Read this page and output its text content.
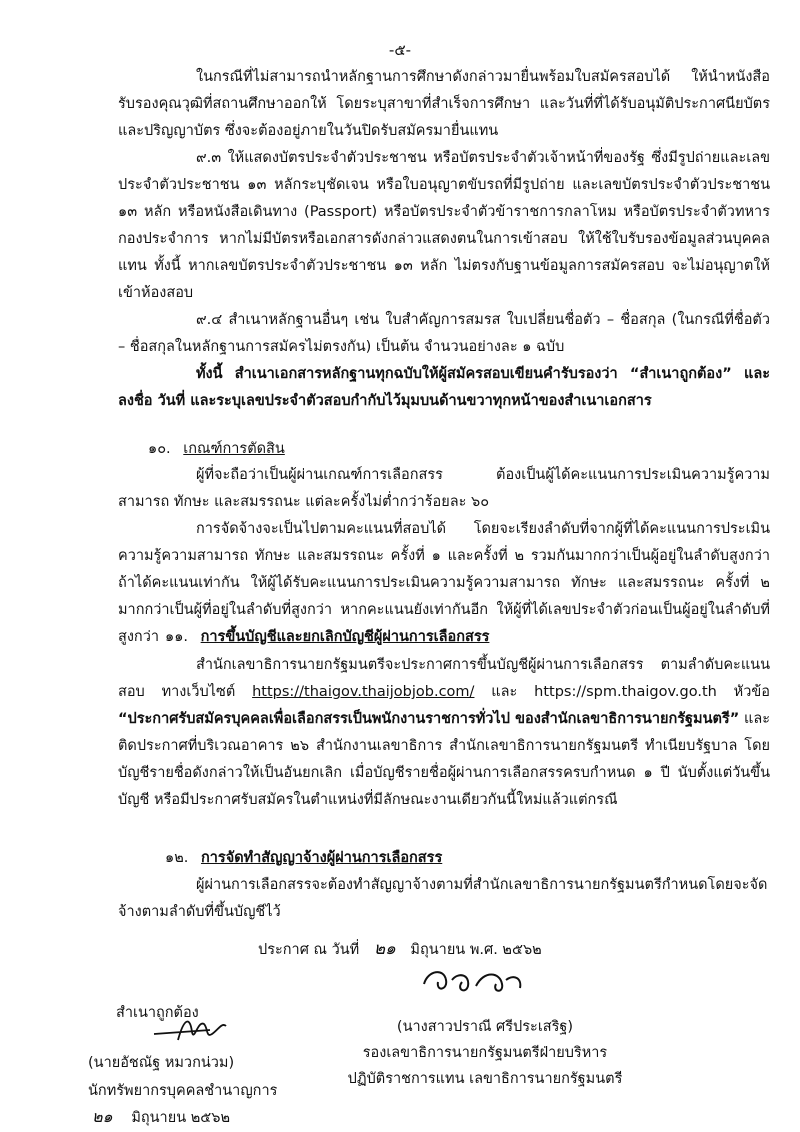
-๕-

ในกรณีที่ไม่สามารถนำหลักฐานการศึกษาดังกล่าวมายื่นพร้อมใบสมัครสอบได้ ให้นำหนังสือรับรองคุณวุฒิที่สถานศึกษาออกให้ โดยระบุสาขาที่สำเร็จการศึกษา และวันที่ที่ได้รับอนุมัติประกาศนียบัตรและปริญญาบัตร ซึ่งจะต้องอยู่ภายในวันปิดรับสมัครมายื่นแทน

๙.๓ ให้แสดงบัตรประจำตัวประชาชน หรือบัตรประจำตัวเจ้าหน้าที่ของรัฐ ซึ่งมีรูปถ่ายและเลขประจำตัวประชาชน ๑๓ หลักระบุชัดเจน หรือใบอนุญาตขับรถที่มีรูปถ่าย และเลขบัตรประจำตัวประชาชน ๑๓ หลัก หรือหนังสือเดินทาง (Passport) หรือบัตรประจำตัวข้าราชการกลาโหม หรือบัตรประจำตัวทหารกองประจำการ หากไม่มีบัตรหรือเอกสารดังกล่าวแสดงตนในการเข้าสอบ ให้ใช้ใบรับรองข้อมูลส่วนบุคคลแทน ทั้งนี้ หากเลขบัตรประจำตัวประชาชน ๑๓ หลัก ไม่ตรงกับฐานข้อมูลการสมัครสอบ จะไม่อนุญาตให้เข้าห้องสอบ

๙.๔ สำเนาหลักฐานอื่นๆ เช่น ใบสำคัญการสมรส ใบเปลี่ยนชื่อตัว – ชื่อสกุล (ในกรณีที่ชื่อตัว – ชื่อสกุลในหลักฐานการสมัครไม่ตรงกัน) เป็นต้น จำนวนอย่างละ ๑ ฉบับ

ทั้งนี้ สำเนาเอกสารหลักฐานทุกฉบับให้ผู้สมัครสอบเขียนคำรับรองว่า “สำเนาถูกต้อง” และลงชื่อ วันที่ และระบุเลขประจำตัวสอบกำกับไว้มุมบนด้านขวาทุกหน้าของสำเนาเอกสาร

๑๐. เกณฑ์การตัดสิน

ผู้ที่จะถือว่าเป็นผู้ผ่านเกณฑ์การเลือกสรร ต้องเป็นผู้ได้คะแนนการประเมินความรู้ความสามารถ ทักษะ และสมรรถนะ แต่ละครั้งไม่ต่ำกว่าร้อยละ ๖๐

การจัดจ้างจะเป็นไปตามคะแนนที่สอบได้ โดยจะเรียงลำดับที่จากผู้ที่ได้คะแนนการประเมินความรู้ความสามารถ ทักษะ และสมรรถนะ ครั้งที่ ๑ และครั้งที่ ๒ รวมกันมากกว่าเป็นผู้อยู่ในลำดับสูงกว่า ถ้าได้คะแนนเท่ากัน ให้ผู้ได้รับคะแนนการประเมินความรู้ความสามารถ ทักษะ และสมรรถนะ ครั้งที่ ๒ มากกว่าเป็นผู้ที่อยู่ในลำดับที่สูงกว่า หากคะแนนยังเท่ากันอีก ให้ผู้ที่ได้เลขประจำตัวก่อนเป็นผู้อยู่ในลำดับที่สูงกว่า ๑๑. การขึ้นบัญชีและยกเลิกบัญชีผู้ผ่านการเลือกสรร

สำนักเลขาธิการนายกรัฐมนตรีจะประกาศการขึ้นบัญชีผู้ผ่านการเลือกสรร ตามลำดับคะแนนสอบ ทางเว็บไซต์ https://thaigov.thaijobjob.com/ และ https://spm.thaigov.go.th หัวข้อ “ประกาศรับสมัครบุคคลเพื่อเลือกสรรเป็นพนักงานราชการทั่วไป ของสำนักเลขาธิการนายกรัฐมนตรี” และติดประกาศที่บริเวณอาคาร ๒๖ สำนักงานเลขาธิการ สำนักเลขาธิการนายกรัฐมนตรี ทำเนียบรัฐบาล โดยบัญชีรายชื่อดังกล่าวให้เป็นอันยกเลิก เมื่อบัญชีรายชื่อผู้ผ่านการเลือกสรรครบกำหนด ๑ ปี นับตั้งแต่วันขึ้นบัญชี หรือมีประกาศรับสมัครในตำแหน่งที่มีลักษณะงานเดียวกันนี้ใหม่แล้วแต่กรณี

๑๒. การจัดทำสัญญาจ้างผู้ผ่านการเลือกสรร

ผู้ผ่านการเลือกสรรจะต้องทำสัญญาจ้างตามที่สำนักเลขาธิการนายกรัฐมนตรีกำหนดโดยจะจัดจ้างตามลำดับที่ขึ้นบัญชีไว้

ประกาศ ณ วันที่ ๒๑ มิถุนายน พ.ศ. ๒๕๖๒
(นางสาวปราณี ศรีประเสริฐ)
รองเลขาธิการนายกรัฐมนตรีฝ่ายบริหาร
ปฏิบัติราชการแทน เลขาธิการนายกรัฐมนตรี
สำเนาถูกต้อง
(นายอัชณัฐ หมวกน่วม)
นักทรัพยากรบุคคลชำนาญการ
๒๑ มิถุนายน ๒๕๖๒
